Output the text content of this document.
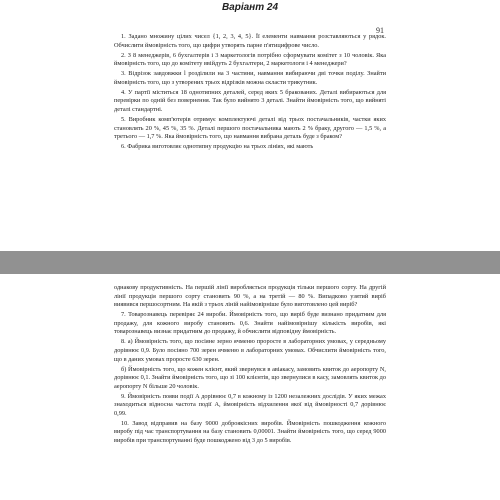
Варіант 24
91

1. Задано множину цілих чисел {1, 2, 3, 4, 5}. Її елементи навмання розставляються у рядок. Обчислити ймовірність того, що цифри утворять парне п'ятицифрове число.

2. З 8 менеджерів, 6 бухгалтерів і 3 маркетологів потрібно сформувати комітет з 10 чоловік. Яка ймовірність того, що до комітету ввійдуть 2 бухгалтери, 2 маркетологи і 4 менеджери?

3. Відрізок завдовжки l розділили на 3 частини, навмання вибираючи дві точки поділу. Знайти ймовірність того, що з утворених трьох відрізків можна скласти трикутник.

4. У партії міститься 18 однотипних деталей, серед яких 5 бракованих. Деталі вибираються для перевірки по одній без повернення. Так було вийнято 3 деталі. Знайти ймовірність того, що вийняті деталі стандартні.

5. Виробник комп'ютерів отримує комплектуючі деталі від трьох постачальників, частки яких становлять 20 %, 45 %, 35 %. Деталі першого постачальника мають 2 % браку, другого — 1,5 %, а третього — 1,7 %. Яка ймовірність того, що навмання вибрана деталь буде з браком?

6. Фабрика виготовляє однотипну продукцію на трьох лініях, які мають

однакову продуктивність. На першій лінії виробляється продукція тільки першого сорту. На другій лінії продукція першого сорту становить 90 %, а на третій — 80 %. Випадково узятий виріб виявився першосортним. На якій з трьох ліній найімовірніше було виготовлено цей виріб?

7. Товарознавець перевіряє 24 вироби. Ймовірність того, що виріб буде визнано придатним для продажу, для кожного виробу становить 0,6. Знайти найімовірнішу кількість виробів, які товарознавець визнає придатним до продажу, й обчислити відповідну ймовірність.

8. а) Ймовірність того, що посіяне зерно ячменю проросте в лабораторних умовах, у середньому дорівнює 0,9. Було посіяно 700 зерен ячменю в лабораторних умовах. Обчислити ймовірність того, що в даних умовах проросте 630 зерен.

б) Ймовірність того, що кожен клієнт, який звернувся в авіакасу, замовить квиток до аеропорту N, дорівнює 0,1. Знайти ймовірність того, що зі 100 клієнтів, що звернулися в касу, замовлять квиток до аеропорту N більше 20 чоловік.

9. Ймовірність появи події A дорівнює 0,7 в кожному із 1200 незалежних дослідів. У яких межах знаходиться відносна частота події A, ймовірність відхилення якої від ймовірності 0,7 дорівнює 0,99.

10. Завод відправив на базу 9000 доброякісних виробів. Ймовірність пошкодження кожного виробу під час транспортування на базу становить 0,00001. Знайти ймовірність того, що серед 9000 виробів при транспортуванні буде пошкоджено від 3 до 5 виробів.
